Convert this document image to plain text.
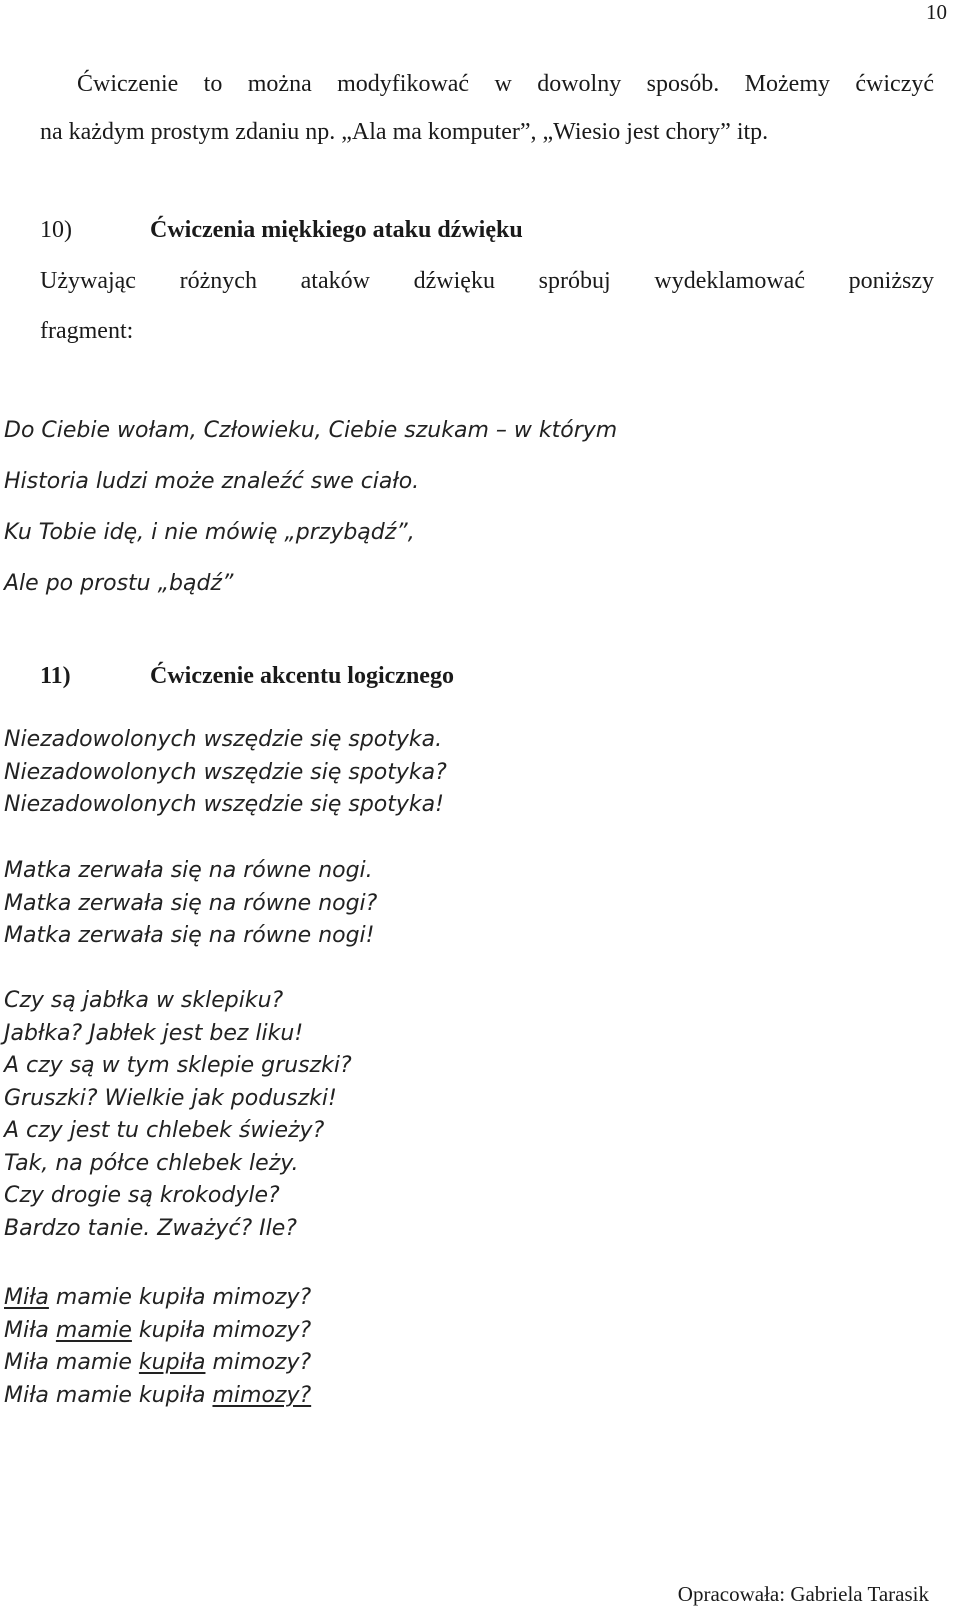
10
Ćwiczenie to można modyfikować w dowolny sposób. Możemy ćwiczyć
na każdym prostym zdaniu np. „Ala ma komputer”, „Wiesio jest chory” itp.
10)	Ćwiczenia miękkiego ataku dźwięku
Używając różnych ataków dźwięku spróbuj wydeklamować poniższy
fragment:
Do Ciebie wołam, Człowieku, Ciebie szukam – w którym
Historia ludzi może znaleźć swe ciało.
Ku Tobie idę, i nie mówię „przybądź”,
Ale po prostu „bądź”
11)	Ćwiczenie akcentu logicznego
Niezadowolonych wszędzie się spotyka.
Niezadowolonych wszędzie się spotyka?
Niezadowolonych wszędzie się spotyka!
Matka zerwała się na równe nogi.
Matka zerwała się na równe nogi?
Matka zerwała się na równe nogi!
Czy są jabłka w sklepiku?
Jabłka? Jabłek jest bez liku!
A czy są w tym sklepie gruszki?
Gruszki? Wielkie jak poduszki!
A czy jest tu chlebek świeży?
Tak, na półce chlebek leży.
Czy drogie są krokodyle?
Bardzo tanie. Zważyć? Ile?
Miła mamie kupiła mimozy?
Miła mamie kupiła mimozy?
Miła mamie kupiła mimozy?
Miła mamie kupiła mimozy?
Opracowała: Gabriela Tarasik
